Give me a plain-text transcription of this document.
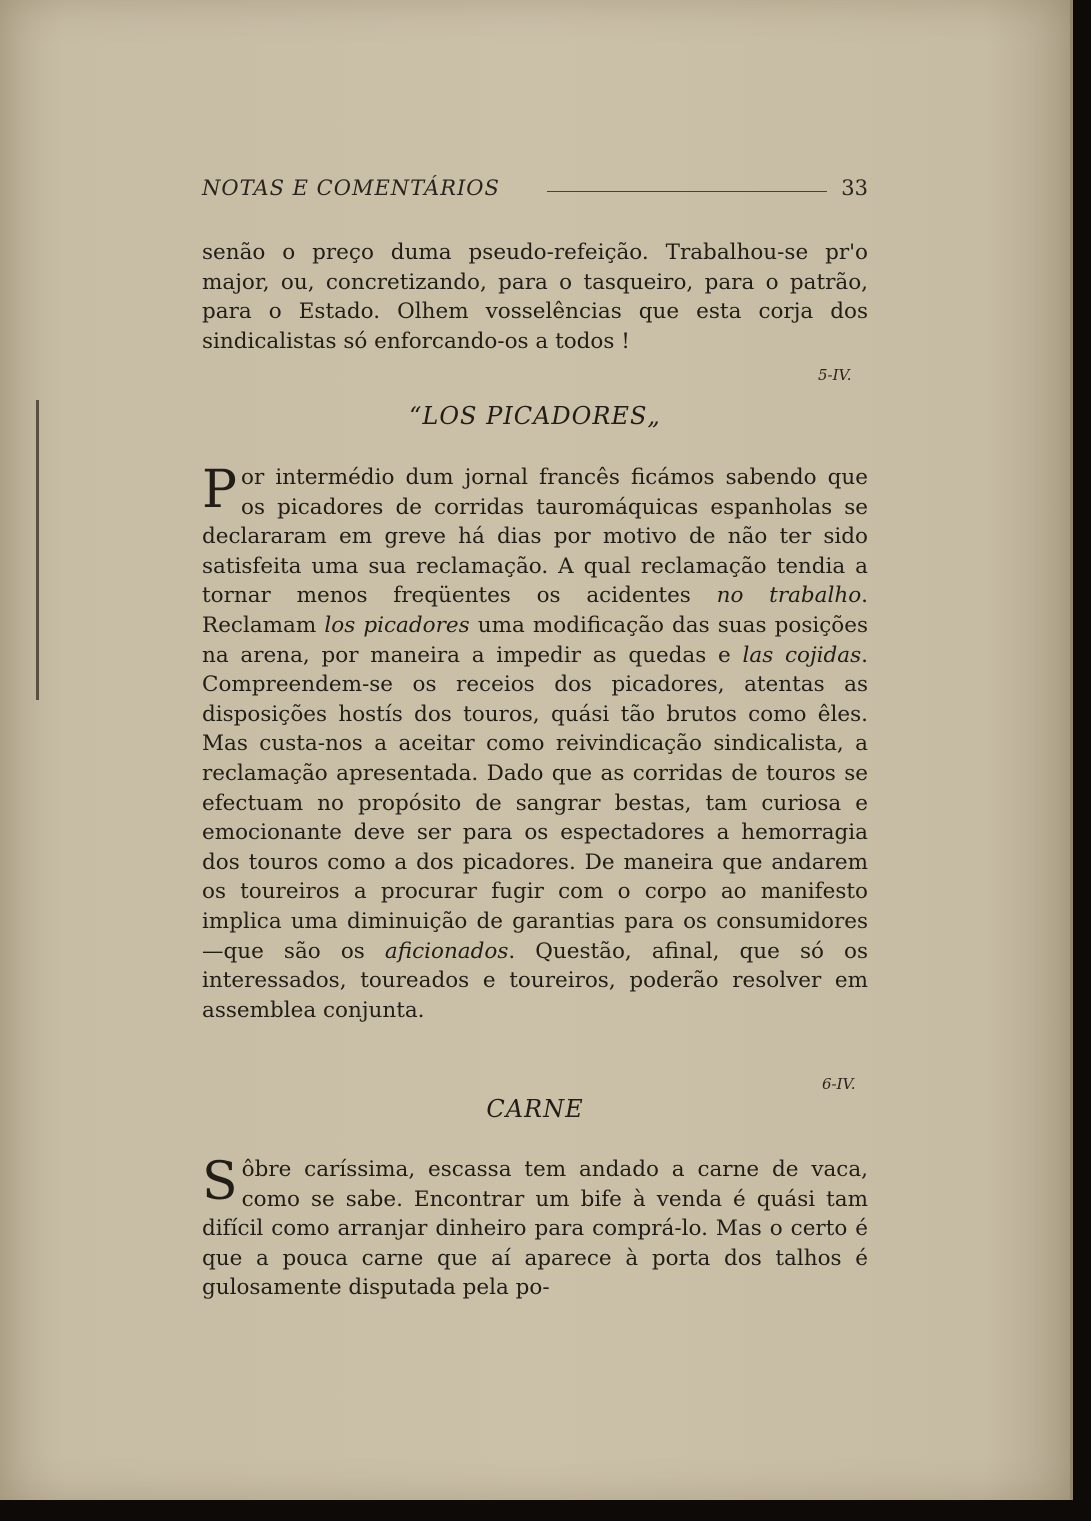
NOTAS E COMENTÁRIOS	33

senão o preço duma pseudo-refeição. Trabalhou-se pr'o major, ou, concretizando, para o tasqueiro, para o patrão, para o Estado. Olhem vosselências que esta corja dos sindicalistas só enforcando-os a todos !

5-IV.
“LOS PICADORES„

Por intermédio dum jornal francês ficámos sabendo que os picadores de corridas tauromáquicas espanholas se declararam em greve há dias por motivo de não ter sido satisfeita uma sua reclamação. A qual reclamação tendia a tornar menos freqüentes os acidentes no trabalho. Reclamam los picadores uma modificação das suas posições na arena, por maneira a impedir as quedas e las cojidas. Compreendem-se os receios dos picadores, atentas as disposições hostís dos touros, quási tão brutos como êles. Mas custa-nos a aceitar como reivindicação sindicalista, a reclamação apresentada. Dado que as corridas de touros se efectuam no propósito de sangrar bestas, tam curiosa e emocionante deve ser para os espectadores a hemorragia dos touros como a dos picadores. De maneira que andarem os toureiros a procurar fugir com o corpo ao manifesto implica uma diminuição de garantias para os consumidores—que são os aficionados. Questão, afinal, que só os interessados, toureados e toureiros, poderão resolver em assemblea conjunta.

6-IV.
CARNE

Sôbre caríssima, escassa tem andado a carne de vaca, como se sabe. Encontrar um bife à venda é quási tam difícil como arranjar dinheiro para comprá-lo. Mas o certo é que a pouca carne que aí aparece à porta dos talhos é gulosamente disputada pela po-
